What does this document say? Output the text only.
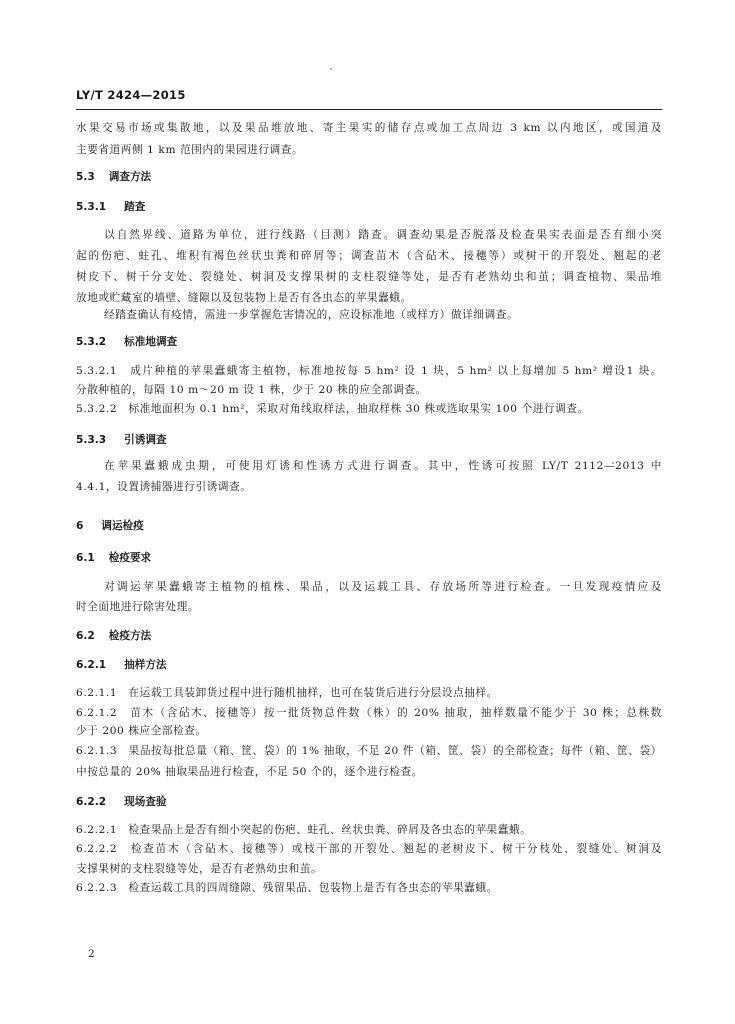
LY/T 2424—2015
水果交易市场或集散地，以及果品堆放地、寄主果实的储存点或加工点周边 3 km 以内地区，或国道及
主要省道两侧 1 km 范围内的果园进行调查。
5.3 调查方法
5.3.1 踏查
以自然界线、道路为单位，进行线路（目测）踏查。调查幼果是否脱落及检查果实表面是否有细小突
起的伤疤、蛀孔、堆积有褐色丝状虫粪和碎屑等；调查苗木（含砧木、接穗等）或树干的开裂处、翘起的老
树皮下、树干分支处、裂缝处、树洞及支撑果树的支柱裂缝等处，是否有老熟幼虫和茧；调查植物、果品堆
放地或贮藏室的墙壁、缝隙以及包装物上是否有各虫态的苹果蠹蛾。
经踏查确认有疫情，需进一步掌握危害情况的，应设标准地（或样方）做详细调查。
5.3.2 标准地调查
5.3.2.1　成片种植的苹果蠹蛾寄主植物，标准地按每 5 hm² 设 1 块，5 hm² 以上每增加 5 hm² 增设1 块。
分散种植的，每隔 10 m～20 m 设 1 株，少于 20 株的应全部调查。
5.3.2.2　标准地面积为 0.1 hm²，采取对角线取样法，抽取样株 30 株或选取果实 100 个进行调查。
5.3.3 引诱调查
在苹果蠹蛾成虫期，可使用灯诱和性诱方式进行调查。其中，性诱可按照 LY/T 2112—2013 中
4.4.1，设置诱捕器进行引诱调查。
6 调运检疫
6.1 检疫要求
对调运苹果蠹蛾寄主植物的植株、果品，以及运载工具、存放场所等进行检查。一旦发现疫情应及
时全面地进行除害处理。
6.2 检疫方法
6.2.1 抽样方法
6.2.1.1　在运载工具装卸货过程中进行随机抽样，也可在装货后进行分层设点抽样。
6.2.1.2　苗木（含砧木、接穗等）按一批货物总件数（株）的 20% 抽取，抽样数量不能少于 30 株；总株数
少于 200 株应全部检查。
6.2.1.3　果品按每批总量（箱、筐、袋）的 1% 抽取，不足 20 件（箱、筐、袋）的全部检查；每件（箱、筐、袋）
中按总量的 20% 抽取果品进行检查，不足 50 个的，逐个进行检查。
6.2.2 现场查验
6.2.2.1　检查果品上是否有细小突起的伤疤、蛀孔、丝状虫粪、碎屑及各虫态的苹果蠹蛾。
6.2.2.2　检查苗木（含砧木、接穗等）或枝干部的开裂处、翘起的老树皮下、树干分枝处、裂缝处、树洞及
支撑果树的支柱裂缝等处，是否有老熟幼虫和茧。
6.2.2.3　检查运载工具的四周缝隙、残留果品、包装物上是否有各虫态的苹果蠹蛾。
2
